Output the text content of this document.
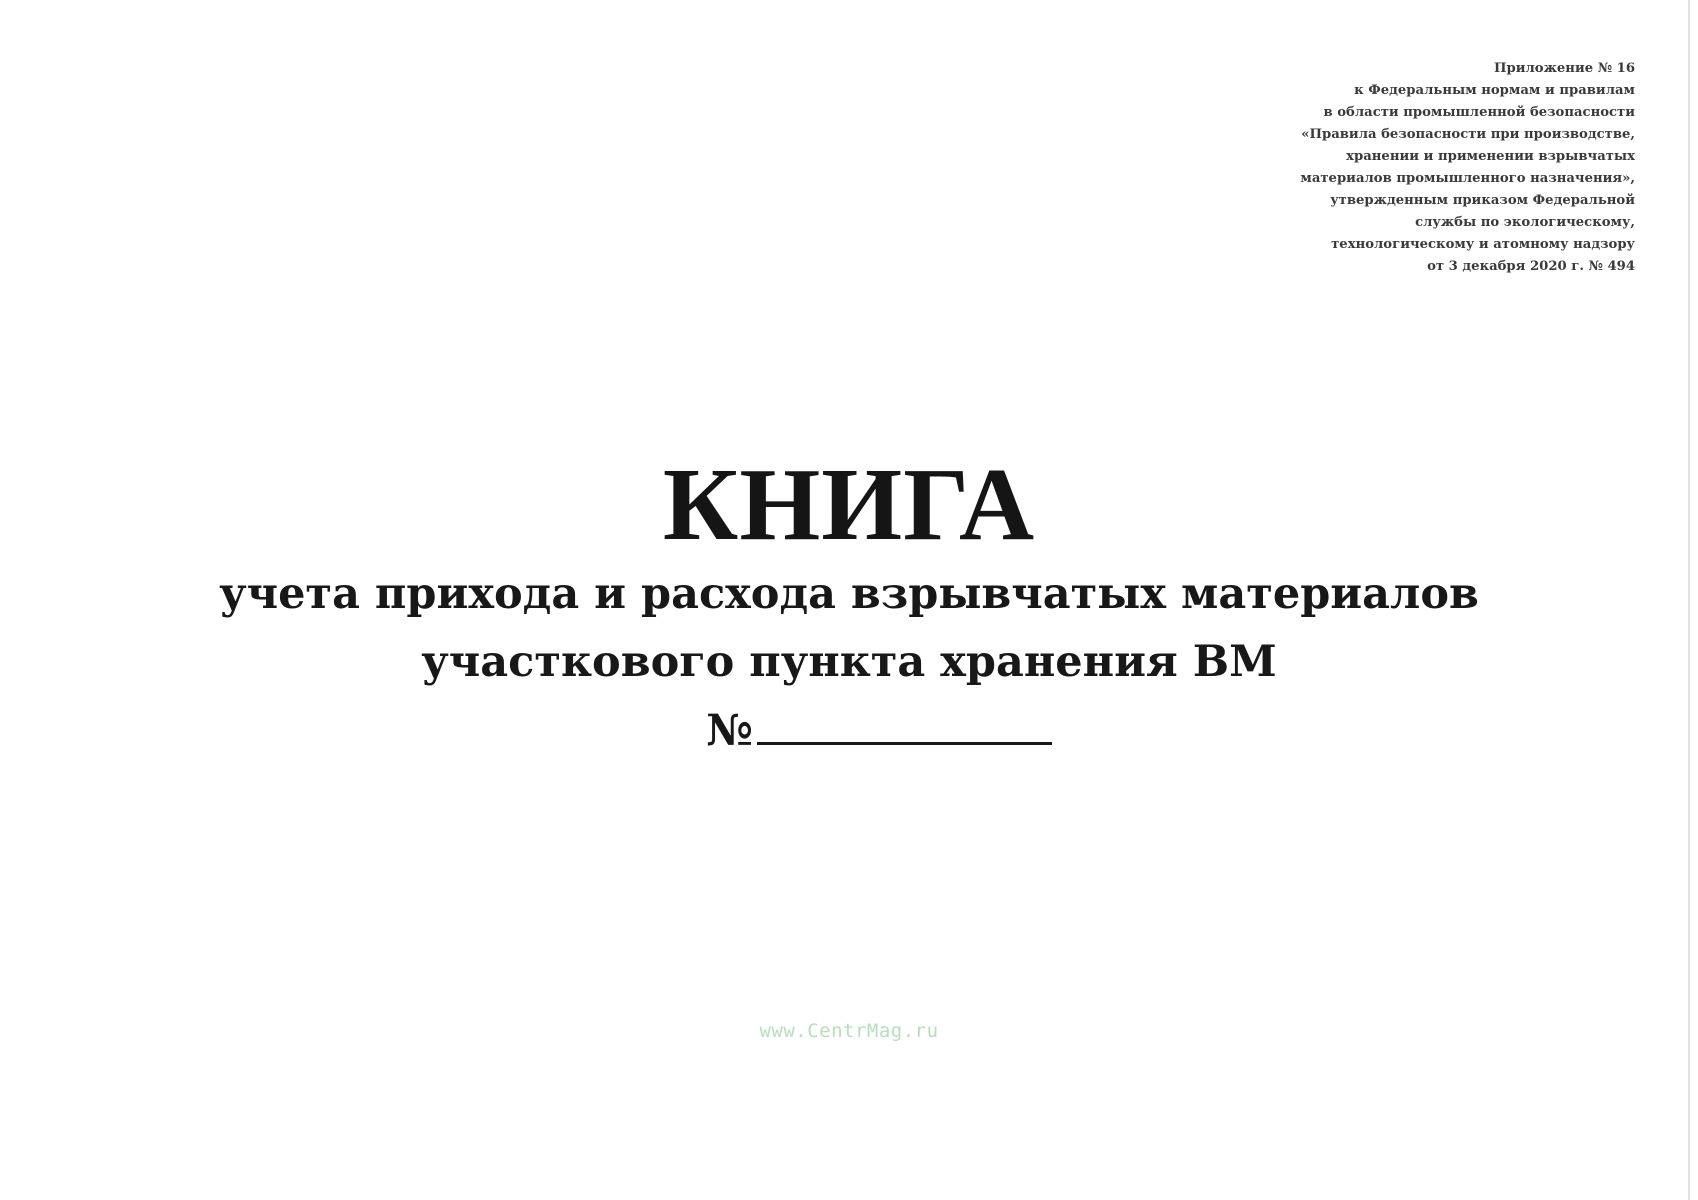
Приложение № 16
к Федеральным нормам и правилам
в области промышленной безопасности
«Правила безопасности при производстве,
хранении и применении взрывчатых
материалов промышленного назначения»,
утвержденным приказом Федеральной
службы по экологическому,
технологическому и атомному надзору
от 3 декабря 2020 г. № 494
КНИГА
учета прихода и расхода взрывчатых материалов
участкового пункта хранения ВМ
№
www.CentrMag.ru
